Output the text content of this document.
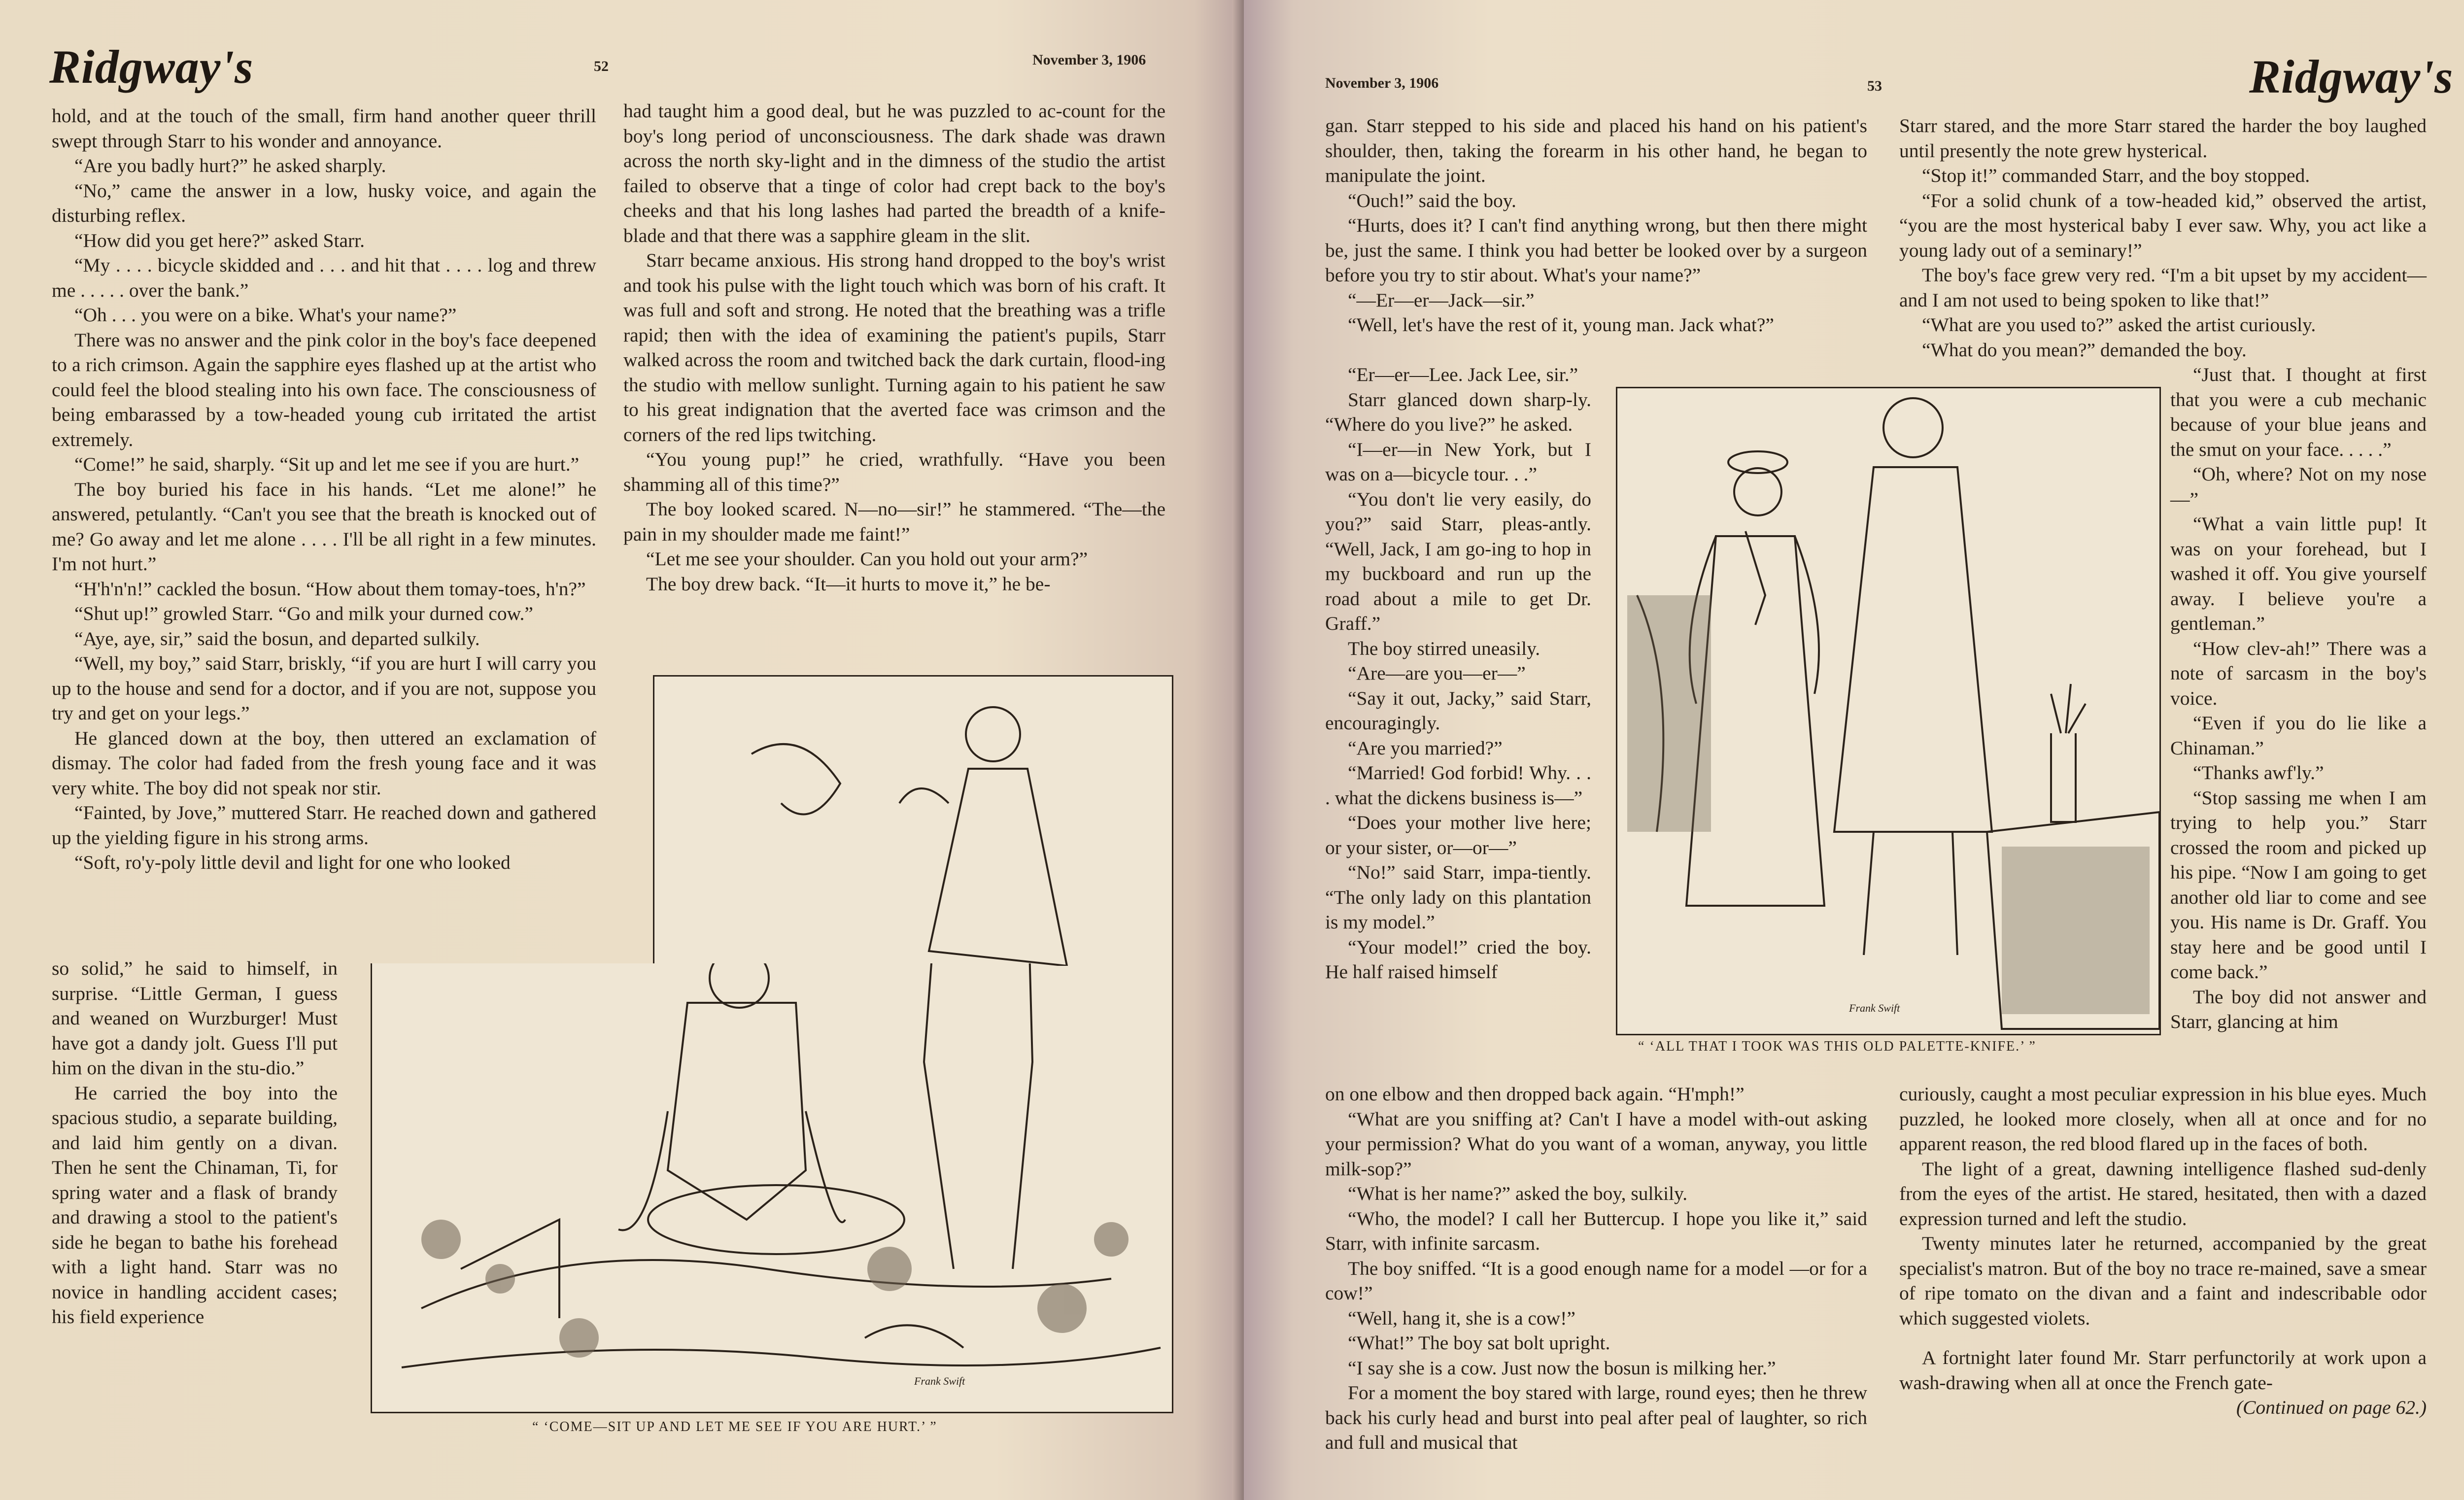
Ridgway's	52	November 3, 1906

hold, and at the touch of the small, firm hand another queer thrill swept through Starr to his wonder and annoyance.

“Are you badly hurt?” he asked sharply.

“No,” came the answer in a low, husky voice, and again the disturbing reflex.

“How did you get here?” asked Starr.

“My . . . . bicycle skidded and . . . and hit that . . . . log and threw me . . . . . over the bank.”

“Oh . . . you were on a bike. What's your name?”

There was no answer and the pink color in the boy's face deepened to a rich crimson. Again the sapphire eyes flashed up at the artist who could feel the blood stealing into his own face. The consciousness of being embarassed by a tow-headed young cub irritated the artist extremely.

“Come!” he said, sharply. “Sit up and let me see if you are hurt.”

The boy buried his face in his hands. “Let me alone!” he answered, petulantly. “Can't you see that the breath is knocked out of me? Go away and let me alone . . . . I'll be all right in a few minutes. I'm not hurt.”

“H'h'n'n!” cackled the bosun. “How about them tomay-toes, h'n?”

“Shut up!” growled Starr. “Go and milk your durned cow.”

“Aye, aye, sir,” said the bosun, and departed sulkily.

“Well, my boy,” said Starr, briskly, “if you are hurt I will carry you up to the house and send for a doctor, and if you are not, suppose you try and get on your legs.”

He glanced down at the boy, then uttered an exclamation of dismay. The color had faded from the fresh young face and it was very white. The boy did not speak nor stir.

“Fainted, by Jove,” muttered Starr. He reached down and gathered up the yielding figure in his strong arms.

“Soft, ro'y-poly little devil and light for one who looked

so solid,” he said to himself, in surprise. “Little German, I guess and weaned on Wurzburger! Must have got a dandy jolt. Guess I'll put him on the divan in the stu-dio.”

He carried the boy into the spacious studio, a separate building, and laid him gently on a divan. Then he sent the Chinaman, Ti, for spring water and a flask of brandy and drawing a stool to the patient's side he began to bathe his forehead with a light hand. Starr was no novice in handling accident cases; his field experience

had taught him a good deal, but he was puzzled to ac-count for the boy's long period of unconsciousness. The dark shade was drawn across the north sky-light and in the dimness of the studio the artist failed to observe that a tinge of color had crept back to the boy's cheeks and that his long lashes had parted the breadth of a knife-blade and that there was a sapphire gleam in the slit.

Starr became anxious. His strong hand dropped to the boy's wrist and took his pulse with the light touch which was born of his craft. It was full and soft and strong. He noted that the breathing was a trifle rapid; then with the idea of examining the patient's pupils, Starr walked across the room and twitched back the dark curtain, flood-ing the studio with mellow sunlight. Turning again to his patient he saw to his great indignation that the averted face was crimson and the corners of the red lips twitching.

“You young pup!” he cried, wrathfully. “Have you been shamming all of this time?”

The boy looked scared. N—no—sir!” he stammered. “The—the pain in my shoulder made me faint!”

“Let me see your shoulder. Can you hold out your arm?”

The boy drew back. “It—it hurts to move it,” he be-

Frank Swift
“ ‘COME—SIT UP AND LET ME SEE IF YOU ARE HURT.’ ”
November 3, 1906	53	Ridgway's

gan. Starr stepped to his side and placed his hand on his patient's shoulder, then, taking the forearm in his other hand, he began to manipulate the joint.

“Ouch!” said the boy.

“Hurts, does it? I can't find anything wrong, but then there might be, just the same. I think you had better be looked over by a surgeon before you try to stir about. What's your name?”

“—Er—er—Jack—sir.”

“Well, let's have the rest of it, young man. Jack what?”

“Er—er—Lee. Jack Lee, sir.”

Starr glanced down sharp-ly. “Where do you live?” he asked.

“I—er—in New York, but I was on a—bicycle tour. . .”

“You don't lie very easily, do you?” said Starr, pleas-antly. “Well, Jack, I am go-ing to hop in my buckboard and run up the road about a mile to get Dr. Graff.”

The boy stirred uneasily.

“Are—are you—er—”

“Say it out, Jacky,” said Starr, encouragingly.

“Are you married?”

“Married! God forbid! Why. . . . what the dickens business is—”

“Does your mother live here; or your sister, or—or—”

“No!” said Starr, impa-tiently. “The only lady on this plantation is my model.”

“Your model!” cried the boy. He half raised himself

on one elbow and then dropped back again. “H'mph!”

“What are you sniffing at? Can't I have a model with-out asking your permission? What do you want of a woman, anyway, you little milk-sop?”

“What is her name?” asked the boy, sulkily.

“Who, the model? I call her Buttercup. I hope you like it,” said Starr, with infinite sarcasm.

The boy sniffed. “It is a good enough name for a model —or for a cow!”

“Well, hang it, she is a cow!”

“What!” The boy sat bolt upright.

“I say she is a cow. Just now the bosun is milking her.”

For a moment the boy stared with large, round eyes; then he threw back his curly head and burst into peal after peal of laughter, so rich and full and musical that

Frank Swift
“ ‘ALL THAT I TOOK WAS THIS OLD PALETTE-KNIFE.’ ”

Starr stared, and the more Starr stared the harder the boy laughed until presently the note grew hysterical.

“Stop it!” commanded Starr, and the boy stopped.

“For a solid chunk of a tow-headed kid,” observed the artist, “you are the most hysterical baby I ever saw. Why, you act like a young lady out of a seminary!”

The boy's face grew very red. “I'm a bit upset by my accident—and I am not used to being spoken to like that!”

“What are you used to?” asked the artist curiously.

“What do you mean?” demanded the boy.

“Just that. I thought at first that you were a cub mechanic because of your blue jeans and the smut on your face. . . . .”

“Oh, where? Not on my nose—”

“What a vain little pup! It was on your forehead, but I washed it off. You give yourself away. I believe you're a gentleman.”

“How clev-ah!” There was a note of sarcasm in the boy's voice.

“Even if you do lie like a Chinaman.”

“Thanks awf'ly.”

“Stop sassing me when I am trying to help you.” Starr crossed the room and picked up his pipe. “Now I am going to get another old liar to come and see you. His name is Dr. Graff. You stay here and be good until I come back.”

The boy did not answer and Starr, glancing at him

curiously, caught a most peculiar expression in his blue eyes. Much puzzled, he looked more closely, when all at once and for no apparent reason, the red blood flared up in the faces of both.

The light of a great, dawning intelligence flashed sud-denly from the eyes of the artist. He stared, hesitated, then with a dazed expression turned and left the studio.

Twenty minutes later he returned, accompanied by the great specialist's matron. But of the boy no trace re-mained, save a smear of ripe tomato on the divan and a faint and indescribable odor which suggested violets.

A fortnight later found Mr. Starr perfunctorily at work upon a wash-drawing when all at once the French gate-

(Continued on page 62.)
